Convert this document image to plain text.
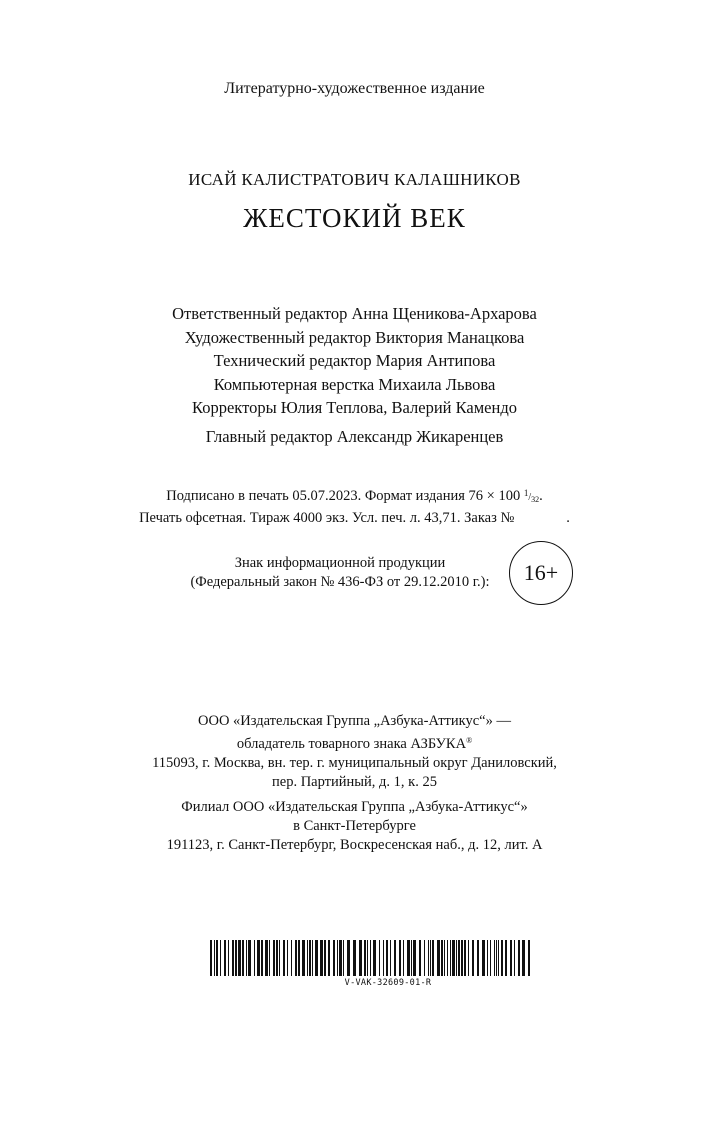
Литературно-художественное издание
ИСАЙ КАЛИСТРАТОВИЧ КАЛАШНИКОВ
ЖЕСТОКИЙ ВЕК
Ответственный редактор Анна Щеникова-Архарова
Художественный редактор Виктория Манацкова
Технический редактор Мария Антипова
Компьютерная верстка Михаила Львова
Корректоры Юлия Теплова, Валерий Камендо
Главный редактор Александр Жикаренцев
Подписано в печать 05.07.2023. Формат издания 76 × 100 $^1/_{32}$.
Печать офсетная. Тираж 4000 экз. Усл. печ. л. 43,71. Заказ №	.
Знак информационной продукции
(Федеральный закон № 436-ФЗ от 29.12.2010 г.):	16+
ООО «Издательская Группа „Азбука-Аттикус“» —
обладатель товарного знака АЗБУКА®
115093, г. Москва, вн. тер. г. муниципальный округ Даниловский,
пер. Партийный, д. 1, к. 25
Филиал ООО «Издательская Группа „Азбука-Аттикус“»
в Санкт-Петербурге
191123, г. Санкт-Петербург, Воскресенская наб., д. 12, лит. А
V-VAK-32609-01-R
